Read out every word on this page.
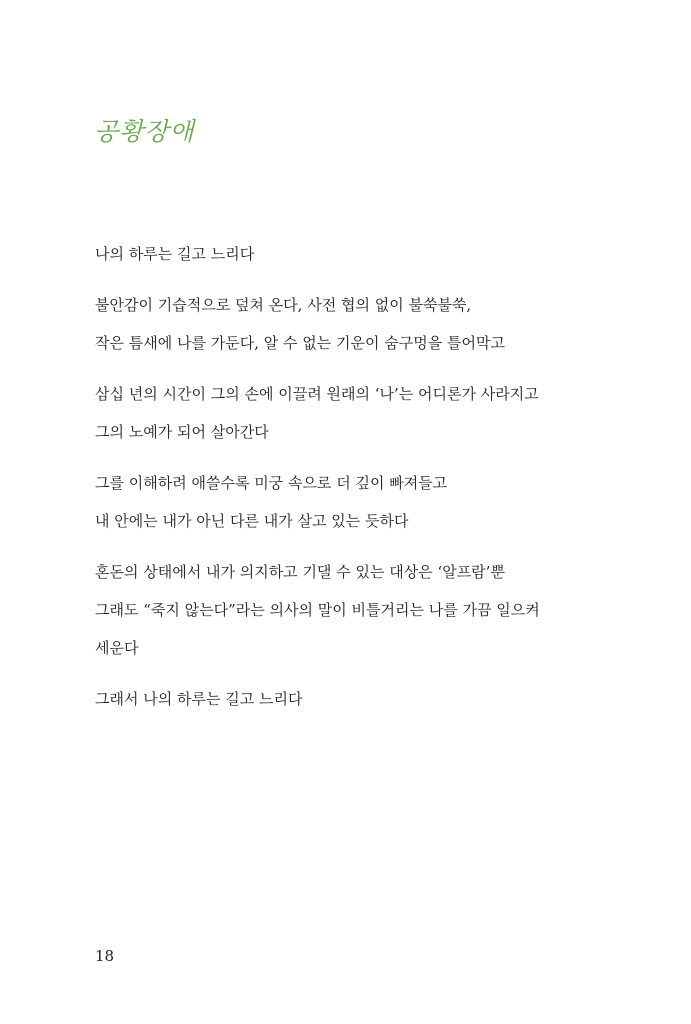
공황장애
나의 하루는 길고 느리다
불안감이 기습적으로 덮쳐 온다, 사전 협의 없이 불쑥불쑥,
작은 틈새에 나를 가둔다, 알 수 없는 기운이 숨구멍을 틀어막고
삼십 년의 시간이 그의 손에 이끌려 원래의 ‘나’는 어디론가 사라지고
그의 노예가 되어 살아간다
그를 이해하려 애쓸수록 미궁 속으로 더 깊이 빠져들고
내 안에는 내가 아닌 다른 내가 살고 있는 듯하다
혼돈의 상태에서 내가 의지하고 기댈 수 있는 대상은 ‘알프람’뿐
그래도 “죽지 않는다”라는 의사의 말이 비틀거리는 나를 가끔 일으켜
세운다
그래서 나의 하루는 길고 느리다
18
